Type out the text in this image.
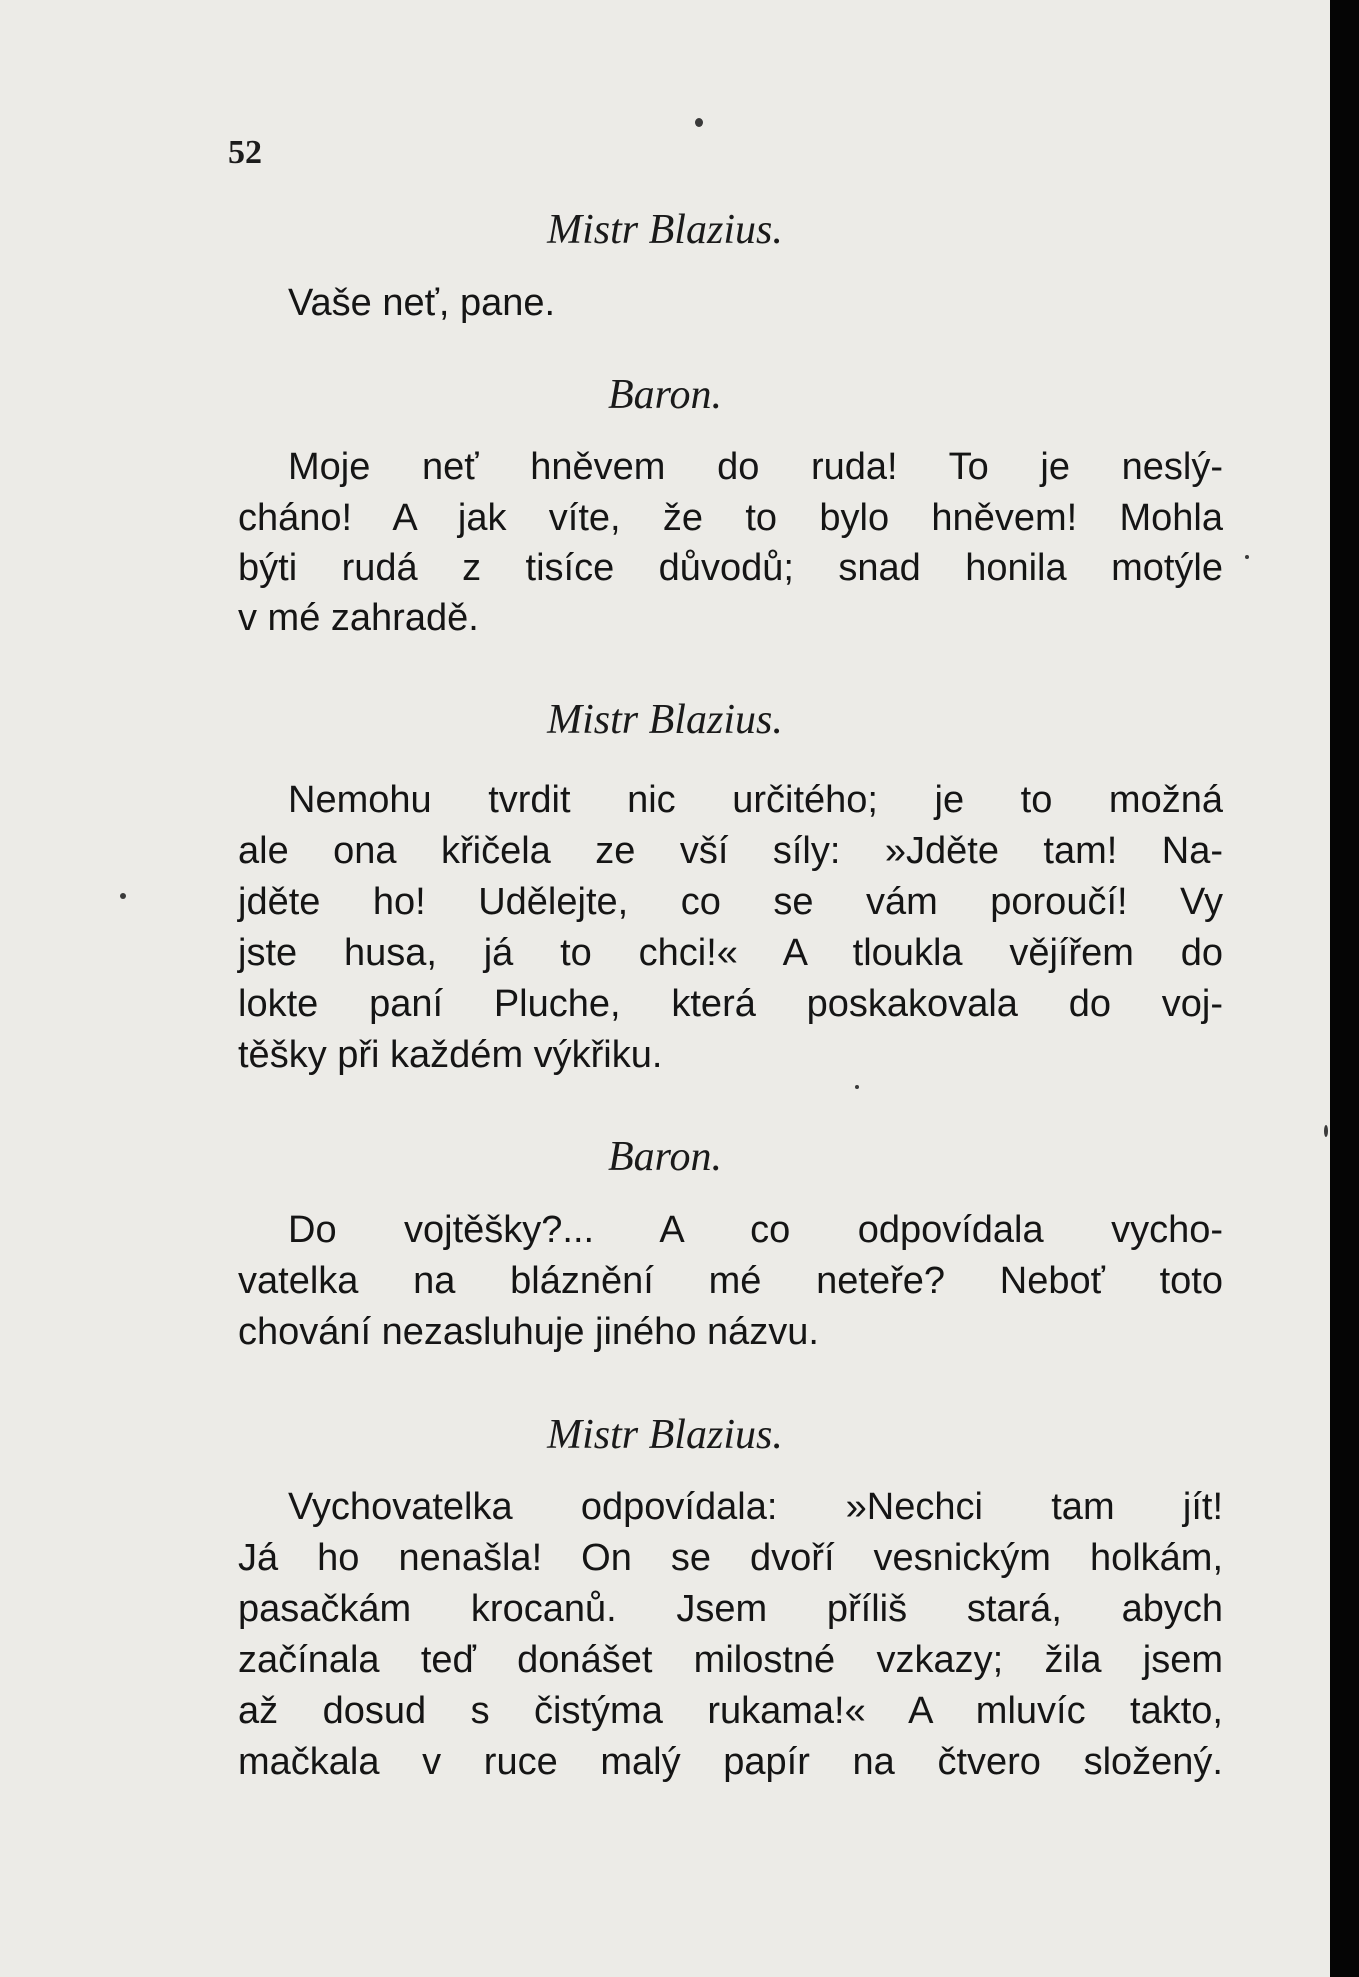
52

Mistr Blazius.

Vaše neť, pane.

Baron.

Moje neť hněvem do ruda! To je neslý-

cháno! A jak víte, že to bylo hněvem! Mohla

býti rudá z tisíce důvodů; snad honila motýle

v mé zahradě.

Mistr Blazius.

Nemohu tvrdit nic určitého; je to možná

ale ona křičela ze vší síly: »Jděte tam! Na-

jděte ho! Udělejte, co se vám poroučí! Vy

jste husa, já to chci!« A tloukla vějířem do

lokte paní Pluche, která poskakovala do voj-

těšky při každém výkřiku.

Baron.

Do vojtěšky?... A co odpovídala vycho-

vatelka na bláznění mé neteře? Neboť toto

chování nezasluhuje jiného názvu.

Mistr Blazius.

Vychovatelka odpovídala: »Nechci tam jít!

Já ho nenašla! On se dvoří vesnickým holkám,

pasačkám krocanů. Jsem příliš stará, abych

začínala teď donášet milostné vzkazy; žila jsem

až dosud s čistýma rukama!« A mluvíc takto,

mačkala v ruce malý papír na čtvero složený.
